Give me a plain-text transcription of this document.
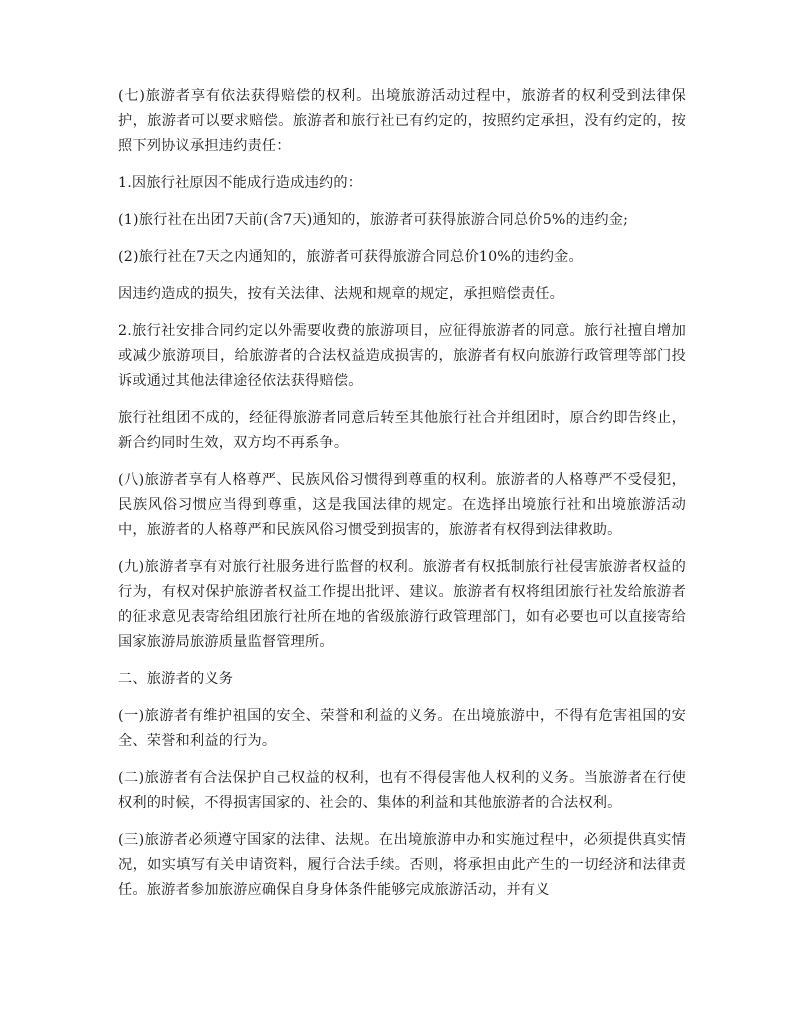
(七)旅游者享有依法获得赔偿的权利。出境旅游活动过程中，旅游者的权利受到法律保护，旅游者可以要求赔偿。旅游者和旅行社已有约定的，按照约定承担，没有约定的，按照下列协议承担违约责任：

1.因旅行社原因不能成行造成违约的：

(1)旅行社在出团7天前(含7天)通知的，旅游者可获得旅游合同总价5%的违约金;

(2)旅行社在7天之内通知的，旅游者可获得旅游合同总价10%的违约金。

因违约造成的损失，按有关法律、法规和规章的规定，承担赔偿责任。

2.旅行社安排合同约定以外需要收费的旅游项目，应征得旅游者的同意。旅行社擅自增加或减少旅游项目，给旅游者的合法权益造成损害的，旅游者有权向旅游行政管理等部门投诉或通过其他法律途径依法获得赔偿。

旅行社组团不成的，经征得旅游者同意后转至其他旅行社合并组团时，原合约即告终止，新合约同时生效，双方均不再系争。

(八)旅游者享有人格尊严、民族风俗习惯得到尊重的权利。旅游者的人格尊严不受侵犯，民族风俗习惯应当得到尊重，这是我国法律的规定。在选择出境旅行社和出境旅游活动中，旅游者的人格尊严和民族风俗习惯受到损害的，旅游者有权得到法律救助。

(九)旅游者享有对旅行社服务进行监督的权利。旅游者有权抵制旅行社侵害旅游者权益的行为，有权对保护旅游者权益工作提出批评、建议。旅游者有权将组团旅行社发给旅游者的征求意见表寄给组团旅行社所在地的省级旅游行政管理部门，如有必要也可以直接寄给国家旅游局旅游质量监督管理所。

二、旅游者的义务

(一)旅游者有维护祖国的安全、荣誉和利益的义务。在出境旅游中，不得有危害祖国的安全、荣誉和利益的行为。

(二)旅游者有合法保护自己权益的权利，也有不得侵害他人权利的义务。当旅游者在行使权利的时候，不得损害国家的、社会的、集体的利益和其他旅游者的合法权利。

(三)旅游者必须遵守国家的法律、法规。在出境旅游申办和实施过程中，必须提供真实情况，如实填写有关申请资料，履行合法手续。否则，将承担由此产生的一切经济和法律责任。旅游者参加旅游应确保自身身体条件能够完成旅游活动，并有义
